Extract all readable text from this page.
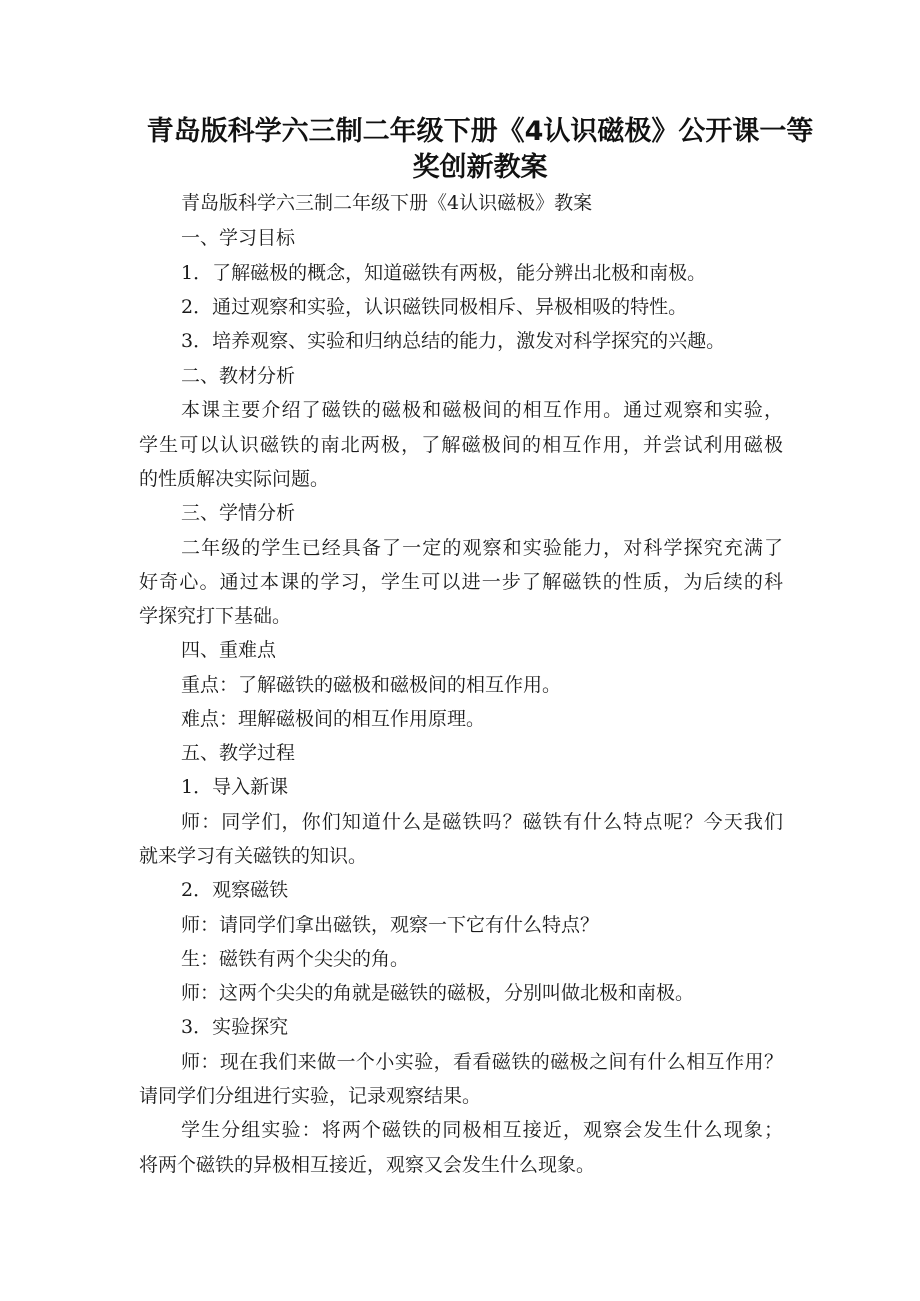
青岛版科学六三制二年级下册《4认识磁极》公开课一等
奖创新教案
青岛版科学六三制二年级下册《4认识磁极》教案
一、学习目标
1．了解磁极的概念，知道磁铁有两极，能分辨出北极和南极。
2．通过观察和实验，认识磁铁同极相斥、异极相吸的特性。
3．培养观察、实验和归纳总结的能力，激发对科学探究的兴趣。
二、教材分析
本课主要介绍了磁铁的磁极和磁极间的相互作用。通过观察和实验，
学生可以认识磁铁的南北两极，了解磁极间的相互作用，并尝试利用磁极
的性质解决实际问题。
三、学情分析
二年级的学生已经具备了一定的观察和实验能力，对科学探究充满了
好奇心。通过本课的学习，学生可以进一步了解磁铁的性质，为后续的科
学探究打下基础。
四、重难点
重点：了解磁铁的磁极和磁极间的相互作用。
难点：理解磁极间的相互作用原理。
五、教学过程
1．导入新课
师：同学们，你们知道什么是磁铁吗？磁铁有什么特点呢？今天我们
就来学习有关磁铁的知识。
2．观察磁铁
师：请同学们拿出磁铁，观察一下它有什么特点？
生：磁铁有两个尖尖的角。
师：这两个尖尖的角就是磁铁的磁极，分别叫做北极和南极。
3．实验探究
师：现在我们来做一个小实验，看看磁铁的磁极之间有什么相互作用？
请同学们分组进行实验，记录观察结果。
学生分组实验：将两个磁铁的同极相互接近，观察会发生什么现象；
将两个磁铁的异极相互接近，观察又会发生什么现象。
